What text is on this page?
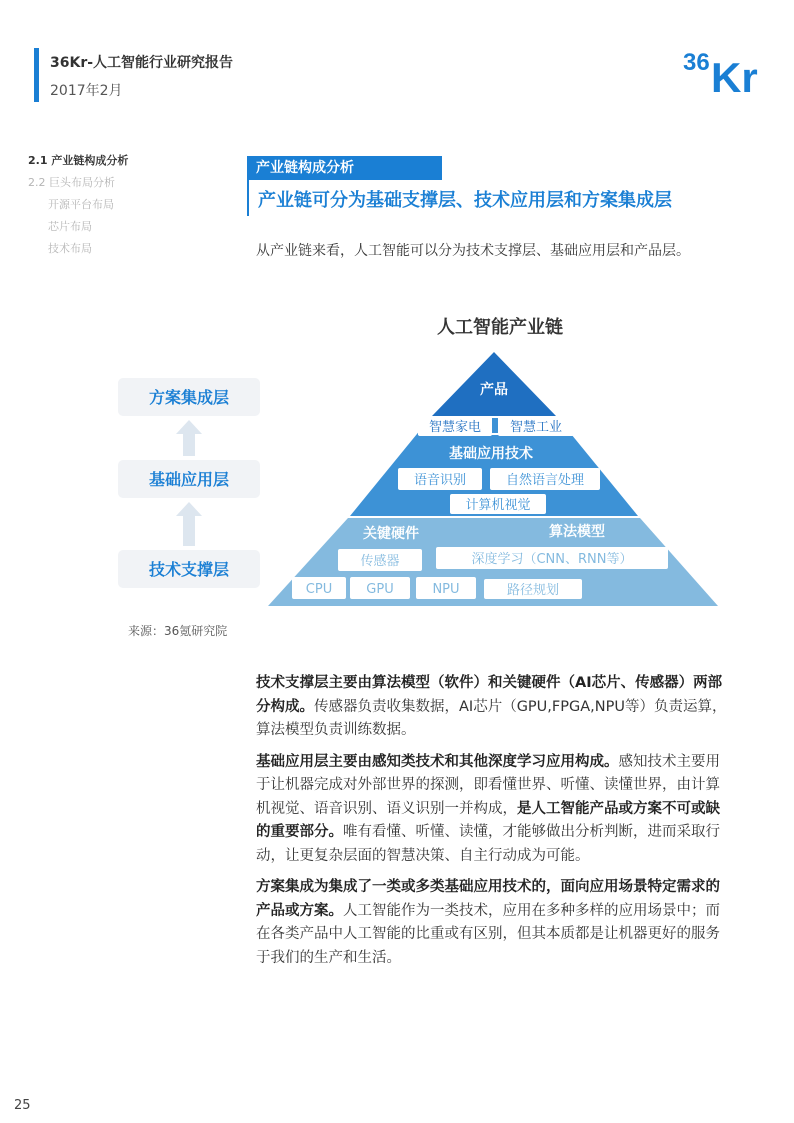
36Kr-人工智能行业研究报告
2017年2月
36 Kr
2.1 产业链构成分析
2.2 巨头布局分析
开源平台布局
芯片布局
技术布局
产业链构成分析
产业链可分为基础支撑层、技术应用层和方案集成层
从产业链来看，人工智能可以分为技术支撑层、基础应用层和产品层。
人工智能产业链
产品
智慧家电 智慧工业
基础应用技术
语音识别	自然语言处理
计算机视觉
关键硬件	算法模型
传感器	深度学习（CNN、RNN等）
CPU	GPU	NPU	路径规划
方案集成层
基础应用层
技术支撑层
来源：36氪研究院

技术支撑层主要由算法模型（软件）和关键硬件（AI芯片、传感器）两部分构成。传感器负责收集数据，AI芯片（GPU,FPGA,NPU等）负责运算，算法模型负责训练数据。

基础应用层主要由感知类技术和其他深度学习应用构成。感知技术主要用于让机器完成对外部世界的探测，即看懂世界、听懂、读懂世界，由计算机视觉、语音识别、语义识别一并构成，是人工智能产品或方案不可或缺的重要部分。唯有看懂、听懂、读懂，才能够做出分析判断，进而采取行动，让更复杂层面的智慧决策、自主行动成为可能。

方案集成为集成了一类或多类基础应用技术的，面向应用场景特定需求的产品或方案。人工智能作为一类技术，应用在多种多样的应用场景中；而在各类产品中人工智能的比重或有区别，但其本质都是让机器更好的服务于我们的生产和生活。

25
